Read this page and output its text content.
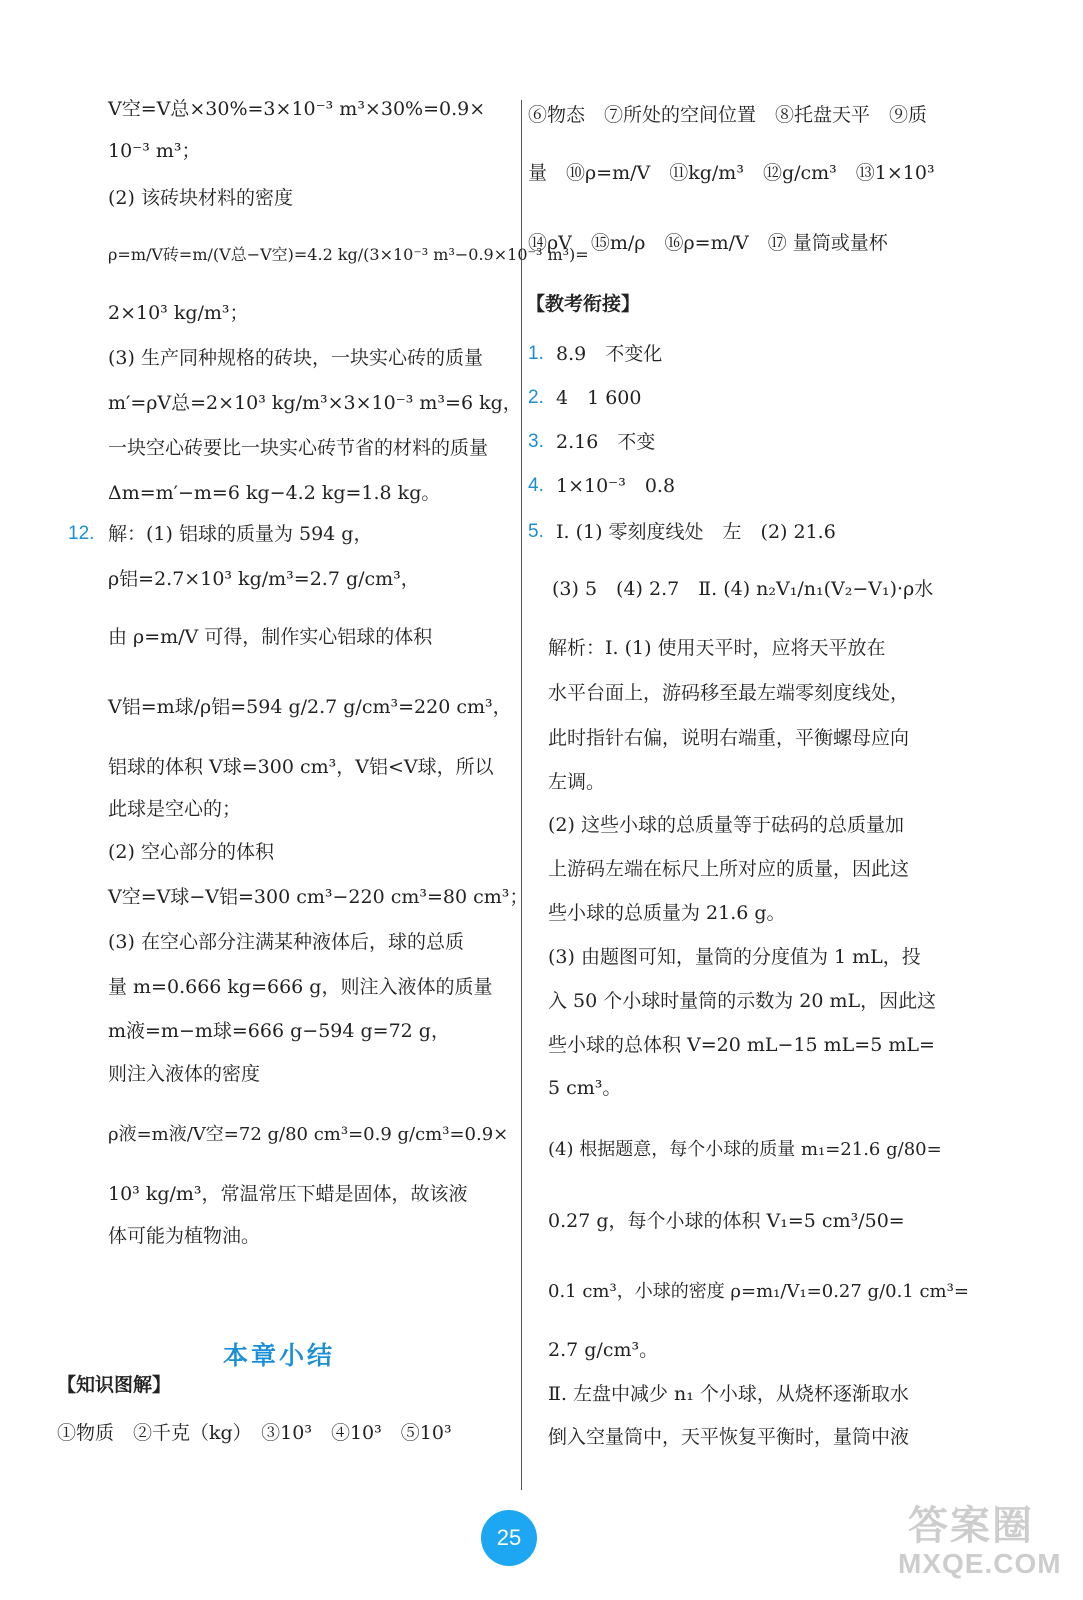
V空=V总×30%=3×10⁻³ m³×30%=0.9×
10⁻³ m³；
(2) 该砖块材料的密度
ρ=m/V砖=m/(V总−V空)=4.2 kg/(3×10⁻³ m³−0.9×10⁻³ m³)=
2×10³ kg/m³；
(3) 生产同种规格的砖块，一块实心砖的质量
m′=ρV总=2×10³ kg/m³×3×10⁻³ m³=6 kg，
一块空心砖要比一块实心砖节省的材料的质量
Δm=m′−m=6 kg−4.2 kg=1.8 kg。
12. 解：(1) 铝球的质量为 594 g，
ρ铝=2.7×10³ kg/m³=2.7 g/cm³，
由 ρ=m/V 可得，制作实心铝球的体积
V铝=m球/ρ铝=594 g/2.7 g/cm³=220 cm³，
铝球的体积 V球=300 cm³，V铝<V球，所以
此球是空心的；
(2) 空心部分的体积
V空=V球−V铝=300 cm³−220 cm³=80 cm³；
(3) 在空心部分注满某种液体后，球的总质
量 m=0.666 kg=666 g，则注入液体的质量
m液=m−m球=666 g−594 g=72 g，
则注入液体的密度
ρ液=m液/V空=72 g/80 cm³=0.9 g/cm³=0.9×
10³ kg/m³，常温常压下蜡是固体，故该液
体可能为植物油。
本章小结
【知识图解】
①物质　②千克（kg）　③10³　④10³　⑤10³
⑥物态　⑦所处的空间位置　⑧托盘天平　⑨质
量　⑩ρ=m/V　⑪kg/m³　⑫g/cm³　⑬1×10³
⑭ρV　⑮m/ρ　⑯ρ=m/V　⑰ 量筒或量杯
【教考衔接】
1. 8.9　不变化
2. 4　1 600
3. 2.16　不变
4. 1×10⁻³　0.8
5. Ⅰ. (1) 零刻度线处　左　(2) 21.6
(3) 5　(4) 2.7　Ⅱ. (4) n₂V₁/n₁(V₂−V₁)·ρ水
解析：Ⅰ. (1) 使用天平时，应将天平放在
水平台面上，游码移至最左端零刻度线处，
此时指针右偏，说明右端重，平衡螺母应向
左调。
(2) 这些小球的总质量等于砝码的总质量加
上游码左端在标尺上所对应的质量，因此这
些小球的总质量为 21.6 g。
(3) 由题图可知，量筒的分度值为 1 mL，投
入 50 个小球时量筒的示数为 20 mL，因此这
些小球的总体积 V=20 mL−15 mL=5 mL=
5 cm³。
(4) 根据题意，每个小球的质量 m₁=21.6 g/80=
0.27 g，每个小球的体积 V₁=5 cm³/50=
0.1 cm³，小球的密度 ρ=m₁/V₁=0.27 g/0.1 cm³=
2.7 g/cm³。
Ⅱ. 左盘中减少 n₁ 个小球，从烧杯逐渐取水
倒入空量筒中，天平恢复平衡时，量筒中液
25	答案圈
MXQE.COM
